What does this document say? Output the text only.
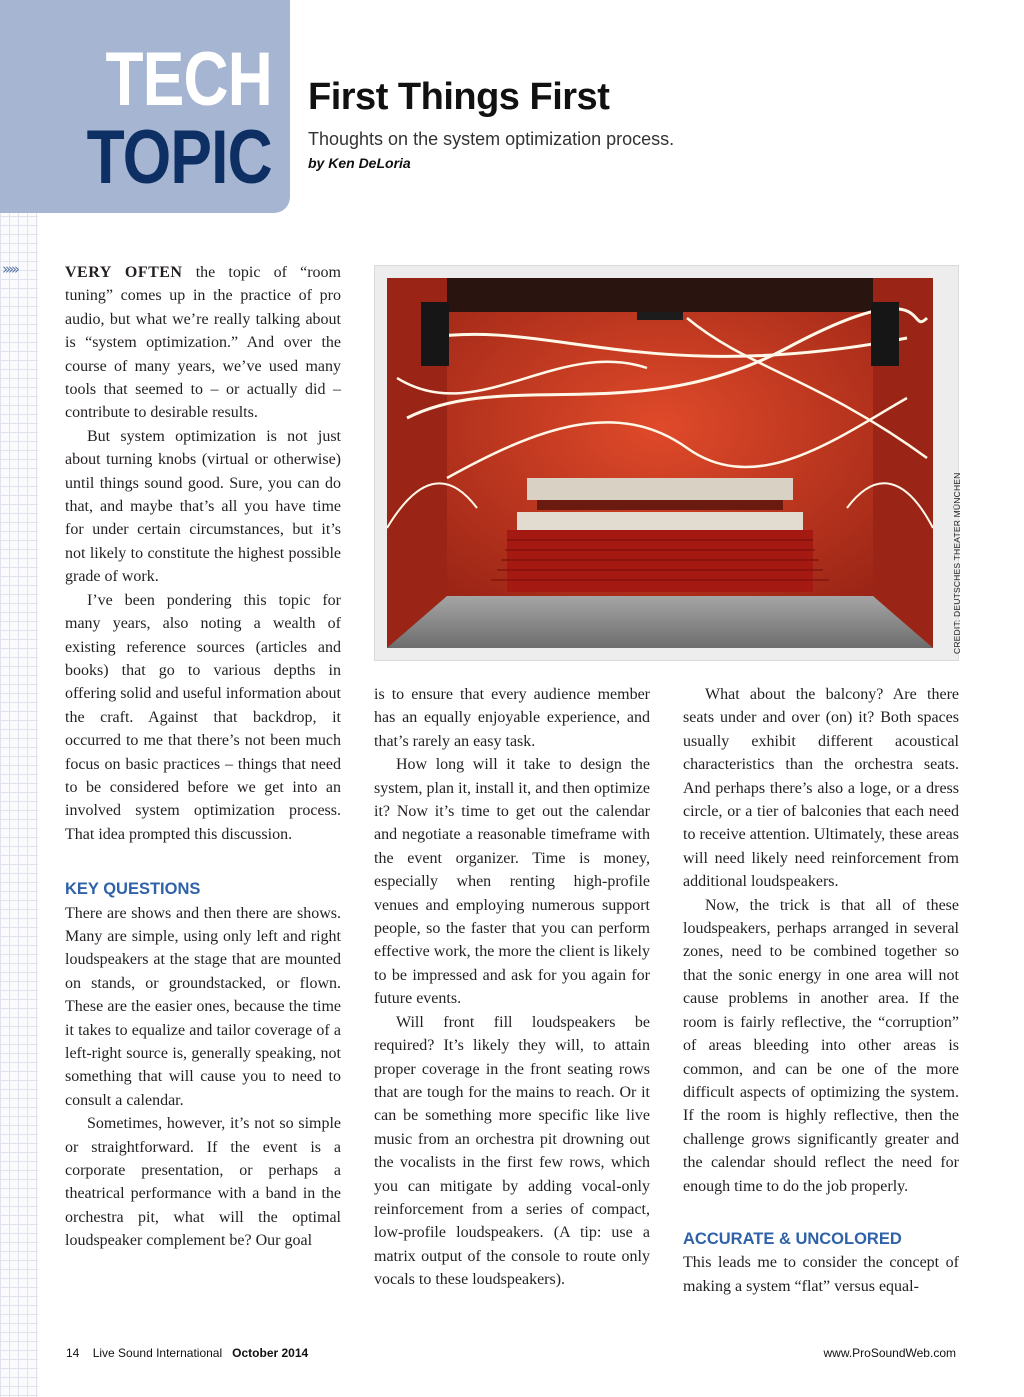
TECH
TOPIC
First Things First
Thoughts on the system optimization process.
by Ken DeLoria
›››››	VERY OFTEN the topic of “room tuning” comes up in the practice of pro audio, but what we’re really talking about is “system optimization.” And over the course of many years, we’ve used many tools that seemed to – or actually did – contribute to desirable results.

But system optimization is not just about turning knobs (virtual or otherwise) until things sound good. Sure, you can do that, and maybe that’s all you have time for under certain circumstances, but it’s not likely to constitute the highest possible grade of work.

I’ve been pondering this topic for many years, also noting a wealth of existing reference sources (articles and books) that go to various depths in offering solid and useful information about the craft. Against that backdrop, it occurred to me that there’s not been much focus on basic practices – things that need to be considered before we get into an involved system optimization process. That idea prompted this discussion.

KEY QUESTIONS

There are shows and then there are shows. Many are simple, using only left and right loudspeakers at the stage that are mounted on stands, or groundstacked, or flown. These are the easier ones, because the time it takes to equalize and tailor coverage of a left-right source is, generally speaking, not something that will cause you to need to consult a calendar.

Sometimes, however, it’s not so simple or straightforward. If the event is a corporate presentation, or perhaps a theatrical performance with a band in the orchestra pit, what will the optimal loudspeaker complement be? Our goal

CREDIT: DEUTSCHES THEATER MÜNCHEN

is to ensure that every audience member has an equally enjoyable experience, and that’s rarely an easy task.

How long will it take to design the system, plan it, install it, and then optimize it? Now it’s time to get out the calendar and negotiate a reasonable timeframe with the event organizer. Time is money, especially when renting high-profile venues and employing numerous support people, so the faster that you can perform effective work, the more the client is likely to be impressed and ask for you again for future events.

Will front fill loudspeakers be required? It’s likely they will, to attain proper coverage in the front seating rows that are tough for the mains to reach. Or it can be something more specific like live music from an orchestra pit drowning out the vocalists in the first few rows, which you can mitigate by adding vocal-only reinforcement from a series of compact, low-profile loudspeakers. (A tip: use a matrix output of the console to route only vocals to these loudspeakers).

What about the balcony? Are there seats under and over (on) it? Both spaces usually exhibit different acoustical characteristics than the orchestra seats. And perhaps there’s also a loge, or a dress circle, or a tier of balconies that each need to receive attention. Ultimately, these areas will need likely need reinforcement from additional loudspeakers.

Now, the trick is that all of these loudspeakers, perhaps arranged in several zones, need to be combined together so that the sonic energy in one area will not cause problems in another area. If the room is fairly reflective, the “corruption” of areas bleeding into other areas is common, and can be one of the more difficult aspects of optimizing the system. If the room is highly reflective, then the challenge grows significantly greater and the calendar should reflect the need for enough time to do the job properly.

ACCURATE & UNCOLORED

This leads me to consider the concept of making a system “flat” versus equal-

14 Live Sound International October 2014	www.ProSoundWeb.com
